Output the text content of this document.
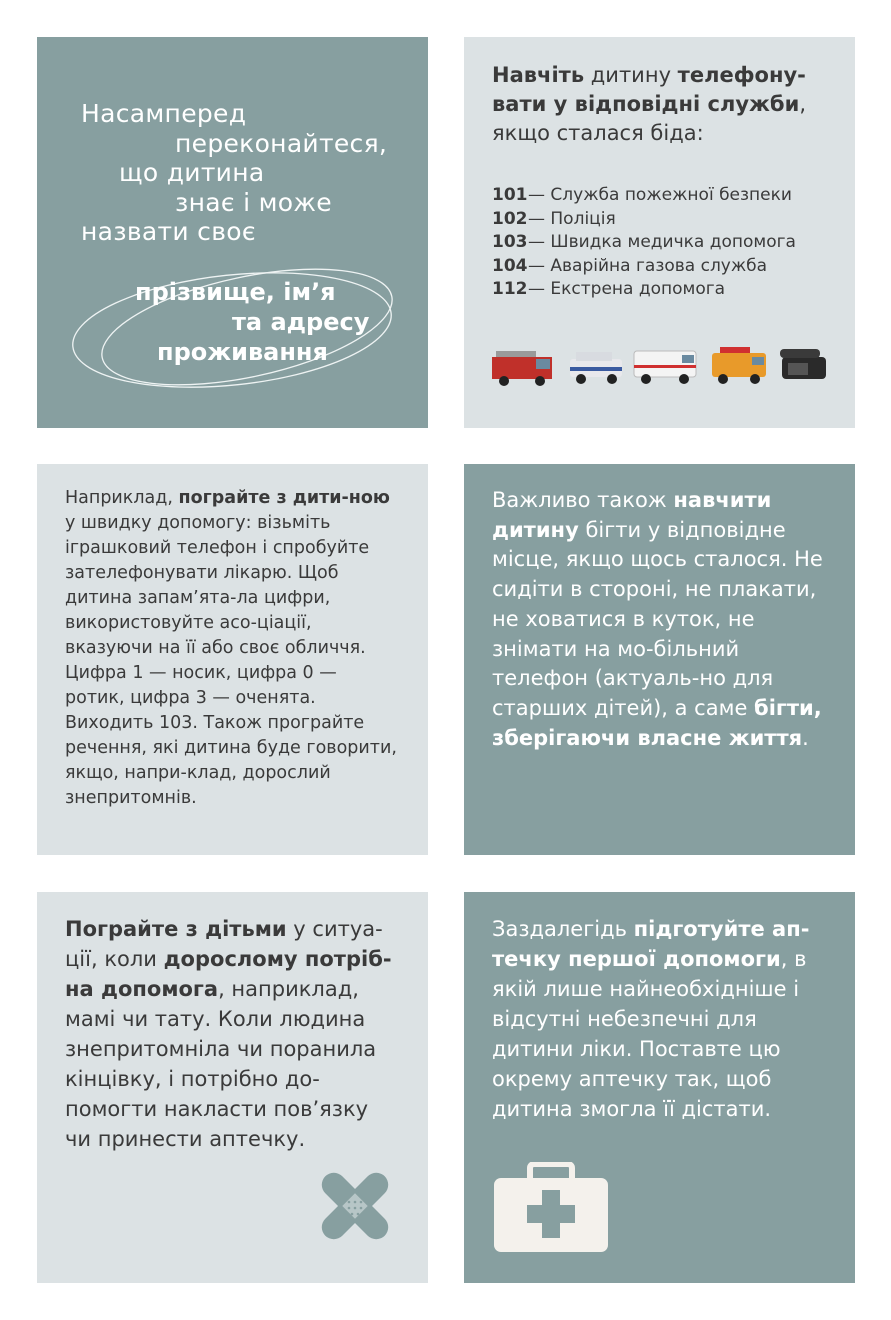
Насамперед
переконайтеся,
що дитина
знає і може
назвати своє
прізвище, ім’я
та адресу
проживання
Навчіть дитину телефону-вати у відповідні служби, якщо сталася біда:
101 — Служба пожежної безпеки
102 — Поліція
103 — Швидка медичка допомога
104 — Аварійна газова служба
112 — Екстрена допомога
Наприклад, пограйте з дити-ною у швидку допомогу: візьміть іграшковий телефон і спробуйте зателефонувати лікарю. Щоб дитина запам’ята-ла цифри, використовуйте асо-ціації, вказуючи на її або своє обличчя. Цифра 1 — носик, цифра 0 — ротик, цифра 3 — оченята. Виходить 103. Також програйте речення, які дитина буде говорити, якщо, напри-клад, дорослий знепритомнів.
Важливо також навчити дитину бігти у відповідне місце, якщо щось сталося. Не сидіти в стороні, не плакати, не ховатися в куток, не знімати на мо-більний телефон (актуаль-но для старших дітей), а саме бігти, зберігаючи власне життя.
Пограйте з дітьми у ситуа-ції, коли дорослому потріб-на допомога, наприклад, мамі чи тату. Коли людина знепритомніла чи поранила кінцівку, і потрібно до-помогти накласти пов’язку чи принести аптечку.
Заздалегідь підготуйте ап-течку першої допомоги, в якій лише найнеобхідніше і відсутні небезпечні для дитини ліки. Поставте цю окрему аптечку так, щоб дитина змогла її дістати.
